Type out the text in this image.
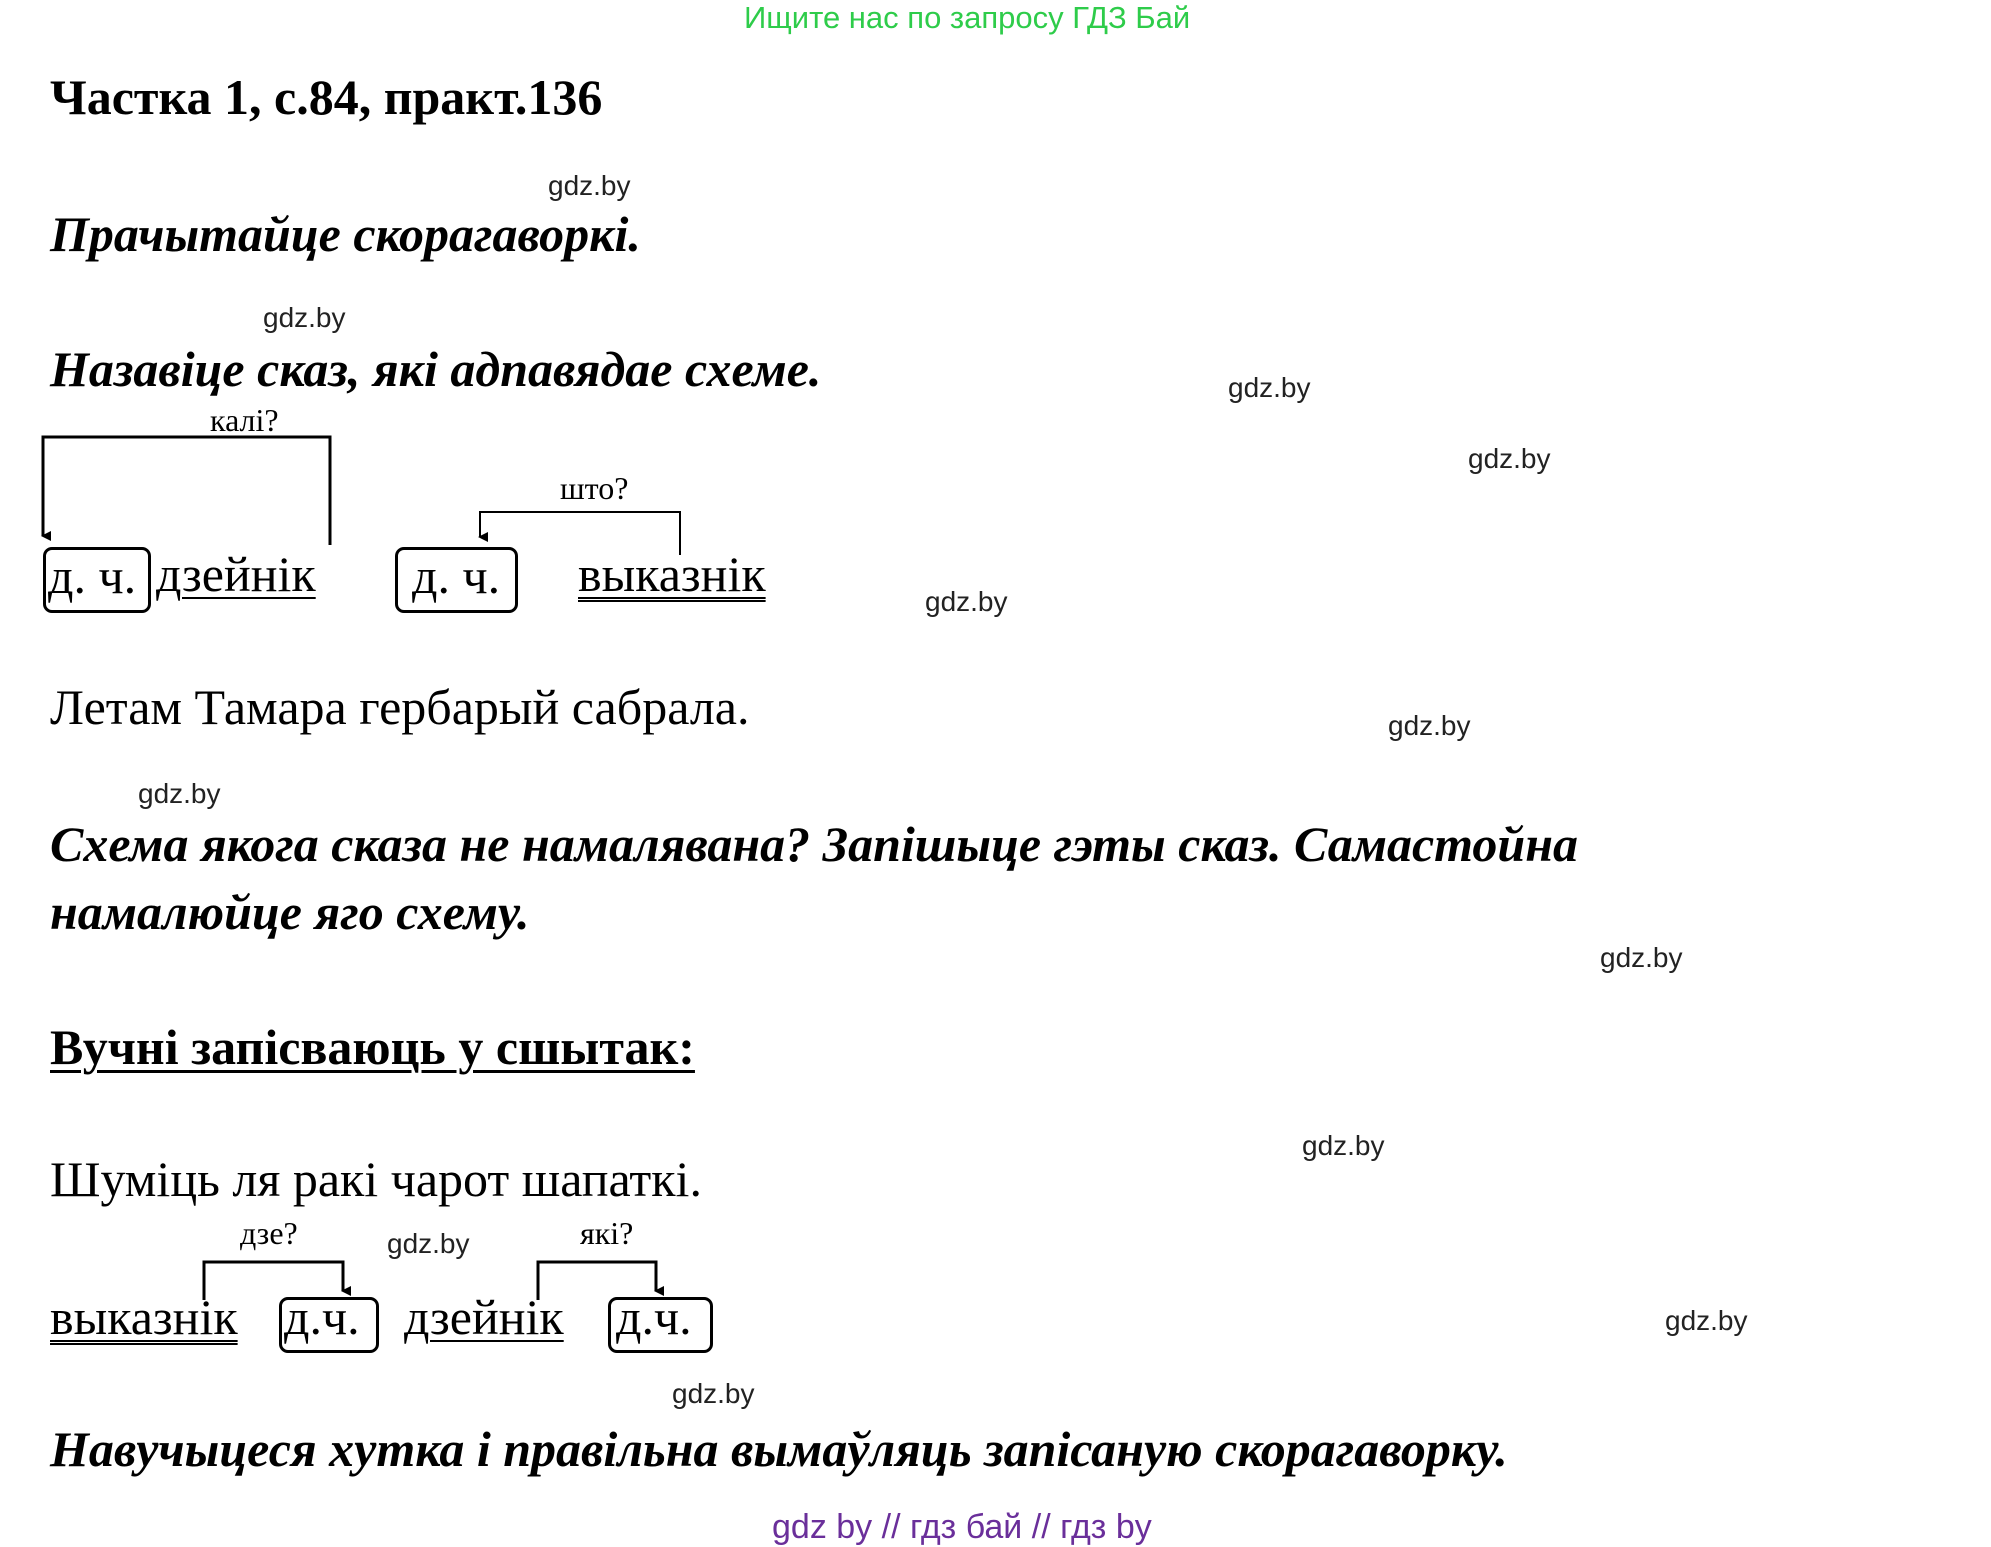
Ищите нас по запросу ГДЗ Бай
Частка 1, с.84, практ.136
Прачытайце скорагаворкі.
Назавіце сказ, які адпавядае схеме.
калі?
што?
д. ч. дзейнік д. ч. выказнік
Летам Тамара гербарый сабрала.
Схема якога сказа не намалявана? Запішыце гэты сказ. Самастойна
намалюйце яго схему.
Вучні запісваюць у сшытак:
Шуміць ля ракі чарот шапаткі.
дзе?	які?
выказнік д.ч. дзейнік д.ч.
Навучыцеся хутка і правільна вымаўляць запісаную скорагаворку.
gdz.by
gdz.by
gdz.by
gdz.by
gdz.by
gdz.by
gdz.by
gdz.by
gdz.by
gdz.by
gdz.by
gdz.by
gdz by // гдз бай // гдз by
